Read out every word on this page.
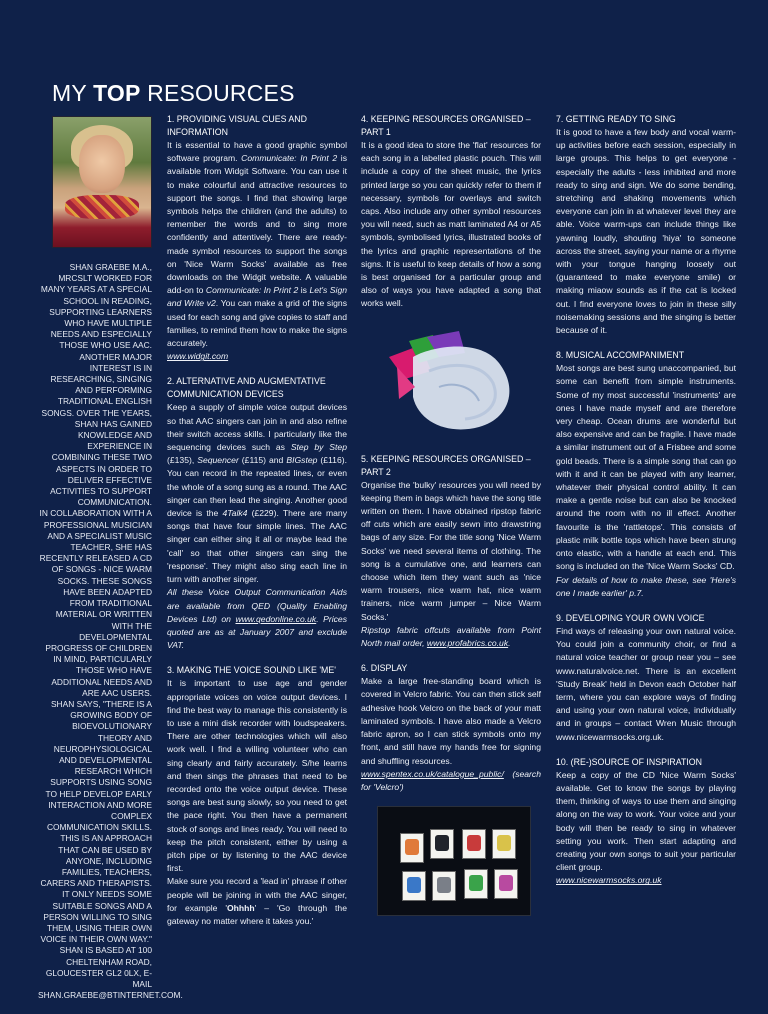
MY TOP RESOURCES

SHAN GRAEBE M.A., MRCSLT WORKED FOR MANY YEARS AT A SPECIAL SCHOOL IN READING, SUPPORTING LEARNERS WHO HAVE MULTIPLE NEEDS AND ESPECIALLY THOSE WHO USE AAC. ANOTHER MAJOR INTEREST IS IN RESEARCHING, SINGING AND PERFORMING TRADITIONAL ENGLISH SONGS. OVER THE YEARS, SHAN HAS GAINED KNOWLEDGE AND EXPERIENCE IN COMBINING THESE TWO ASPECTS IN ORDER TO DELIVER EFFECTIVE ACTIVITIES TO SUPPORT COMMUNICATION.

IN COLLABORATION WITH A PROFESSIONAL MUSICIAN AND A SPECIALIST MUSIC TEACHER, SHE HAS RECENTLY RELEASED A CD OF SONGS - NICE WARM SOCKS. THESE SONGS HAVE BEEN ADAPTED FROM TRADITIONAL MATERIAL OR WRITTEN WITH THE DEVELOPMENTAL PROGRESS OF CHILDREN IN MIND, PARTICULARLY THOSE WHO HAVE ADDITIONAL NEEDS AND ARE AAC USERS.

SHAN SAYS, "THERE IS A GROWING BODY OF BIOEVOLUTIONARY THEORY AND NEUROPHYSIOLOGICAL AND DEVELOPMENTAL RESEARCH WHICH SUPPORTS USING SONG TO HELP DEVELOP EARLY INTERACTION AND MORE COMPLEX COMMUNICATION SKILLS. THIS IS AN APPROACH THAT CAN BE USED BY ANYONE, INCLUDING FAMILIES, TEACHERS, CARERS AND THERAPISTS. IT ONLY NEEDS SOME SUITABLE SONGS AND A PERSON WILLING TO SING THEM, USING THEIR OWN VOICE IN THEIR OWN WAY."

SHAN IS BASED AT 100 CHELTENHAM ROAD, GLOUCESTER GL2 0LX, E-MAIL SHAN.GRAEBE@BTINTERNET.COM.

1. PROVIDING VISUAL CUES AND INFORMATION

It is essential to have a good graphic symbol software program. Communicate: In Print 2 is available from Widgit Software. You can use it to make colourful and attractive resources to support the songs. I find that showing large symbols helps the children (and the adults) to remember the words and to sing more confidently and attentively. There are ready-made symbol resources to support the songs on 'Nice Warm Socks' available as free downloads on the Widgit website. A valuable add-on to Communicate: In Print 2 is Let's Sign and Write v2. You can make a grid of the signs used for each song and give copies to staff and families, to remind them how to make the signs accurately.

www.widgit.com

2. ALTERNATIVE AND AUGMENTATIVE COMMUNICATION DEVICES

Keep a supply of simple voice output devices so that AAC singers can join in and also refine their switch access skills. I particularly like the sequencing devices such as Step by Step (£135), Sequencer (£115) and BIGstep (£116). You can record in the repeated lines, or even the whole of a song sung as a round. The AAC singer can then lead the singing. Another good device is the 4Talk4 (£229). There are many songs that have four simple lines. The AAC singer can either sing it all or maybe lead the 'call' so that other singers can sing the 'response'. They might also sing each line in turn with another singer.

All these Voice Output Communication Aids are available from QED (Quality Enabling Devices Ltd) on www.qedonline.co.uk. Prices quoted are as at January 2007 and exclude VAT.

3. MAKING THE VOICE SOUND LIKE 'ME'

It is important to use age and gender appropriate voices on voice output devices. I find the best way to manage this consistently is to use a mini disk recorder with loudspeakers. There are other technologies which will also work well. I find a willing volunteer who can sing clearly and fairly accurately. S/he learns and then sings the phrases that need to be recorded onto the voice output device. These songs are best sung slowly, so you need to get the pace right. You then have a permanent stock of songs and lines ready. You will need to keep the pitch consistent, either by using a pitch pipe or by listening to the AAC device first.

Make sure you record a 'lead in' phrase if other people will be joining in with the AAC singer, for example 'Ohhhh' – 'Go through the gateway no matter where it takes you.'

4. KEEPING RESOURCES ORGANISED – PART 1

It is a good idea to store the 'flat' resources for each song in a labelled plastic pouch. This will include a copy of the sheet music, the lyrics printed large so you can quickly refer to them if necessary, symbols for overlays and switch caps. Also include any other symbol resources you will need, such as matt laminated A4 or A5 symbols, symbolised lyrics, illustrated books of the lyrics and graphic representations of the signs. It is useful to keep details of how a song is best organised for a particular group and also of ways you have adapted a song that works well.

5. KEEPING RESOURCES ORGANISED – PART 2

Organise the 'bulky' resources you will need by keeping them in bags which have the song title written on them. I have obtained ripstop fabric off cuts which are easily sewn into drawstring bags of any size. For the title song 'Nice Warm Socks' we need several items of clothing. The song is a cumulative one, and learners can choose which item they want such as 'nice warm trousers, nice warm hat, nice warm trainers, nice warm jumper – Nice Warm Socks.'

Ripstop fabric offcuts available from Point North mail order, www.profabrics.co.uk.

6. DISPLAY

Make a large free-standing board which is covered in Velcro fabric. You can then stick self adhesive hook Velcro on the back of your matt laminated symbols. I have also made a Velcro fabric apron, so I can stick symbols onto my front, and still have my hands free for signing and shuffling resources.

www.spentex.co.uk/catalogue_public/ (search for 'Velcro')

7. GETTING READY TO SING

It is good to have a few body and vocal warm-up activities before each session, especially in large groups. This helps to get everyone - especially the adults - less inhibited and more ready to sing and sign. We do some bending, stretching and shaking movements which everyone can join in at whatever level they are able. Voice warm-ups can include things like yawning loudly, shouting 'hiya' to someone across the street, saying your name or a rhyme with your tongue hanging loosely out (guaranteed to make everyone smile) or making miaow sounds as if the cat is locked out. I find everyone loves to join in these silly noisemaking sessions and the singing is better because of it.

8. MUSICAL ACCOMPANIMENT

Most songs are best sung unaccompanied, but some can benefit from simple instruments. Some of my most successful 'instruments' are ones I have made myself and are therefore very cheap. Ocean drums are wonderful but also expensive and can be fragile. I have made a similar instrument out of a Frisbee and some gold beads. There is a simple song that can go with it and it can be played with any learner, whatever their physical control ability. It can make a gentle noise but can also be knocked around the room with no ill effect. Another favourite is the 'rattletops'. This consists of plastic milk bottle tops which have been strung onto elastic, with a handle at each end. This song is included on the 'Nice Warm Socks' CD.

For details of how to make these, see 'Here's one I made earlier' p.7.

9. DEVELOPING YOUR OWN VOICE

Find ways of releasing your own natural voice. You could join a community choir, or find a natural voice teacher or group near you – see www.naturalvoice.net. There is an excellent 'Study Break' held in Devon each October half term, where you can explore ways of finding and using your own natural voice, individually and in groups – contact Wren Music through www.nicewarmsocks.org.uk.

10. (RE-)SOURCE OF INSPIRATION

Keep a copy of the CD 'Nice Warm Socks' available. Get to know the songs by playing them, thinking of ways to use them and singing along on the way to work. Your voice and your body will then be ready to sing in whatever setting you work. Then start adapting and creating your own songs to suit your particular client group.

www.nicewarmsocks.org.uk
